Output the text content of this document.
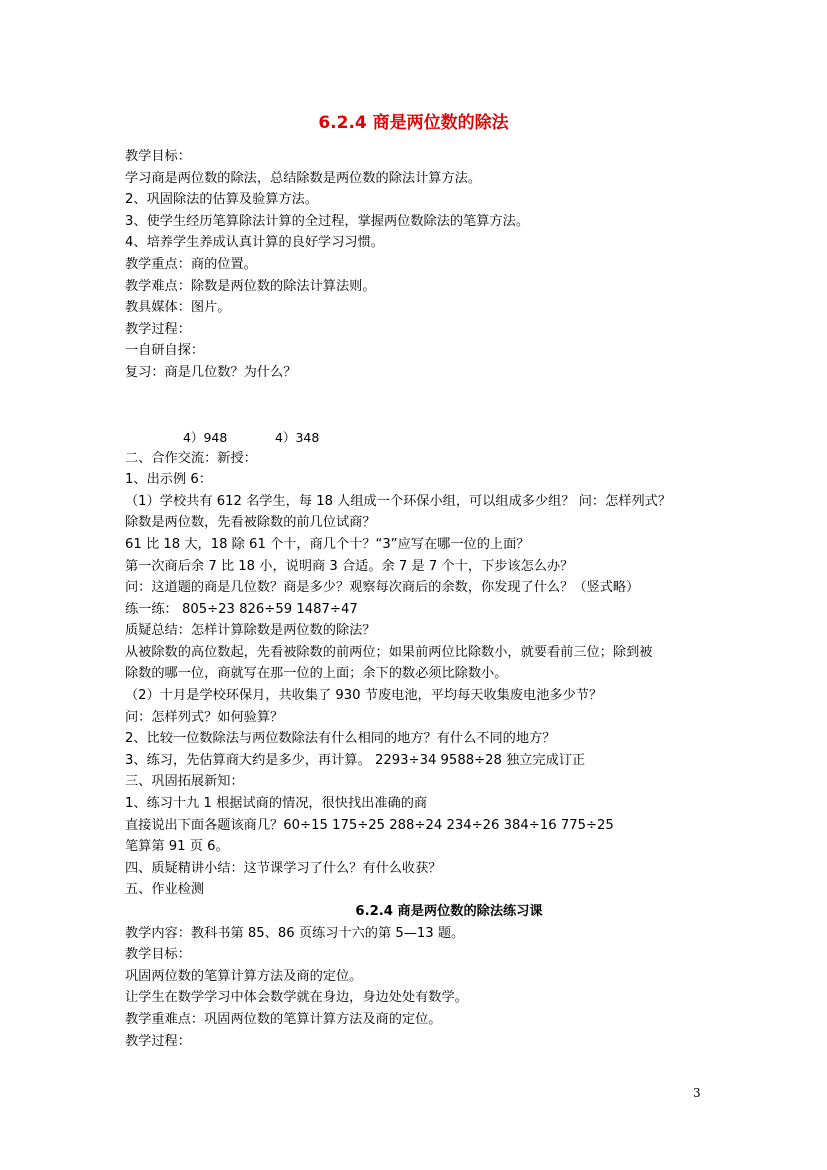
6.2.4 商是两位数的除法
教学目标：
学习商是两位数的除法，总结除数是两位数的除法计算方法。
2、巩固除法的估算及验算方法。
3、使学生经历笔算除法计算的全过程，掌握两位数除法的笔算方法。
4、培养学生养成认真计算的良好学习习惯。
教学重点：商的位置。
教学难点：除数是两位数的除法计算法则。
教具媒体：图片。
教学过程：
一自研自探：
复习：商是几位数？为什么？
4）948            4）348
二、合作交流：新授：
1、出示例 6：
（1）学校共有 612 名学生，每 18 人组成一个环保小组，可以组成多少组？ 问：怎样列式？
除数是两位数，先看被除数的前几位试商？
61 比 18 大，18 除 61 个十，商几个十？“3”应写在哪一位的上面？
第一次商后余 7 比 18 小，说明商 3 合适。余 7 是 7 个十，下步该怎么办？
问：这道题的商是几位数？商是多少？观察每次商后的余数，你发现了什么？（竖式略）
练一练： 805÷23 826÷59 1487÷47
质疑总结：怎样计算除数是两位数的除法？
从被除数的高位数起，先看被除数的前两位；如果前两位比除数小，就要看前三位；除到被
除数的哪一位，商就写在那一位的上面；余下的数必须比除数小。
（2）十月是学校环保月，共收集了 930 节废电池，平均每天收集废电池多少节？
问：怎样列式？如何验算？
2、比较一位数除法与两位数除法有什么相同的地方？有什么不同的地方？
3、练习，先估算商大约是多少，再计算。 2293÷34 9588÷28 独立完成订正
三、巩固拓展新知：
1、练习十九 1 根据试商的情况，很快找出准确的商
直接说出下面各题该商几？60÷15 175÷25 288÷24 234÷26 384÷16 775÷25
笔算第 91 页 6。
四、质疑精讲小结：这节课学习了什么？有什么收获？
五、作业检测
6.2.4 商是两位数的除法练习课
教学内容：教科书第 85、86 页练习十六的第 5—13 题。
教学目标：
巩固两位数的笔算计算方法及商的定位。
让学生在数学学习中体会数学就在身边，身边处处有数学。
教学重难点：巩固两位数的笔算计算方法及商的定位。
教学过程：
3
